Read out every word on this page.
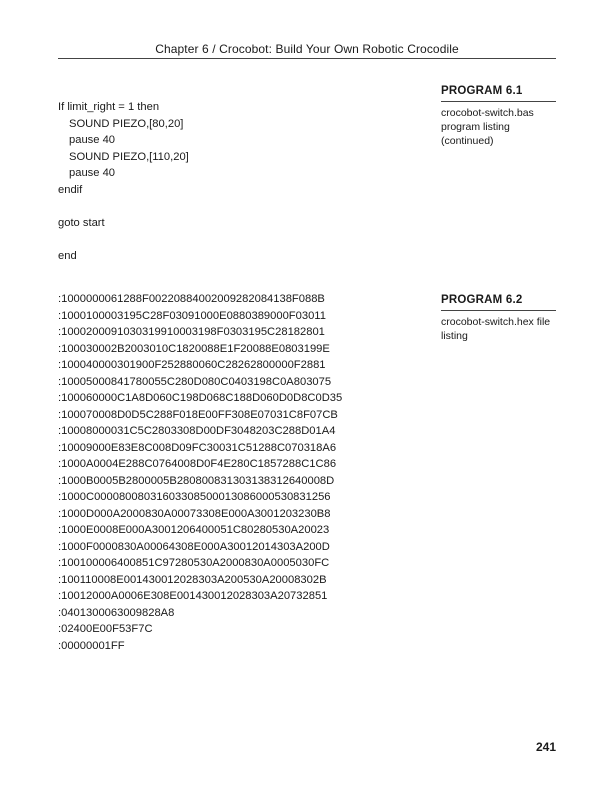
Chapter 6 / Crocobot: Build Your Own Robotic Crocodile
If limit_right = 1 then
SOUND PIEZO,[80,20]
pause 40
SOUND PIEZO,[110,20]
pause 40
endif
goto start
end
PROGRAM 6.1
crocobot-switch.bas
program listing
(continued)
:1000000061288F00220884002009282084138F088B
:1000100003195C28F03091000E0880389000F03011
:1000200091030319910003198F0303195C28182801
:100030002B2003010C1820088E1F20088E0803199E
:100040000301900F252880060C28262800000F2881
:10005000841780055C280D080C0403198C0A803075
:100060000C1A8D060C198D068C188D060D0D8C0D35
:100070008D0D5C288F018E00FF308E07031C8F07CB
:10008000031C5C2803308D00DF3048203C288D01A4
:10009000E83E8C008D09FC30031C51288C070318A6
:1000A0004E288C0764008D0F4E280C1857288C1C86
:1000B0005B2800005B280800831303138312640008D
:1000C00008008031603308500013086000530831256
:1000D000A2000830A00073308E000A3001203230B8
:1000E0008E000A3001206400051C80280530A20023
:1000F0000830A00064308E000A30012014303A200D
:100100006400851C97280530A2000830A0005030FC
:100110008E001430012028303A200530A20008302B
:10012000A0006E308E001430012028303A20732851
:0401300063009828A8
:02400E00F53F7C
:00000001FF
PROGRAM 6.2
crocobot-switch.hex file
listing
241
